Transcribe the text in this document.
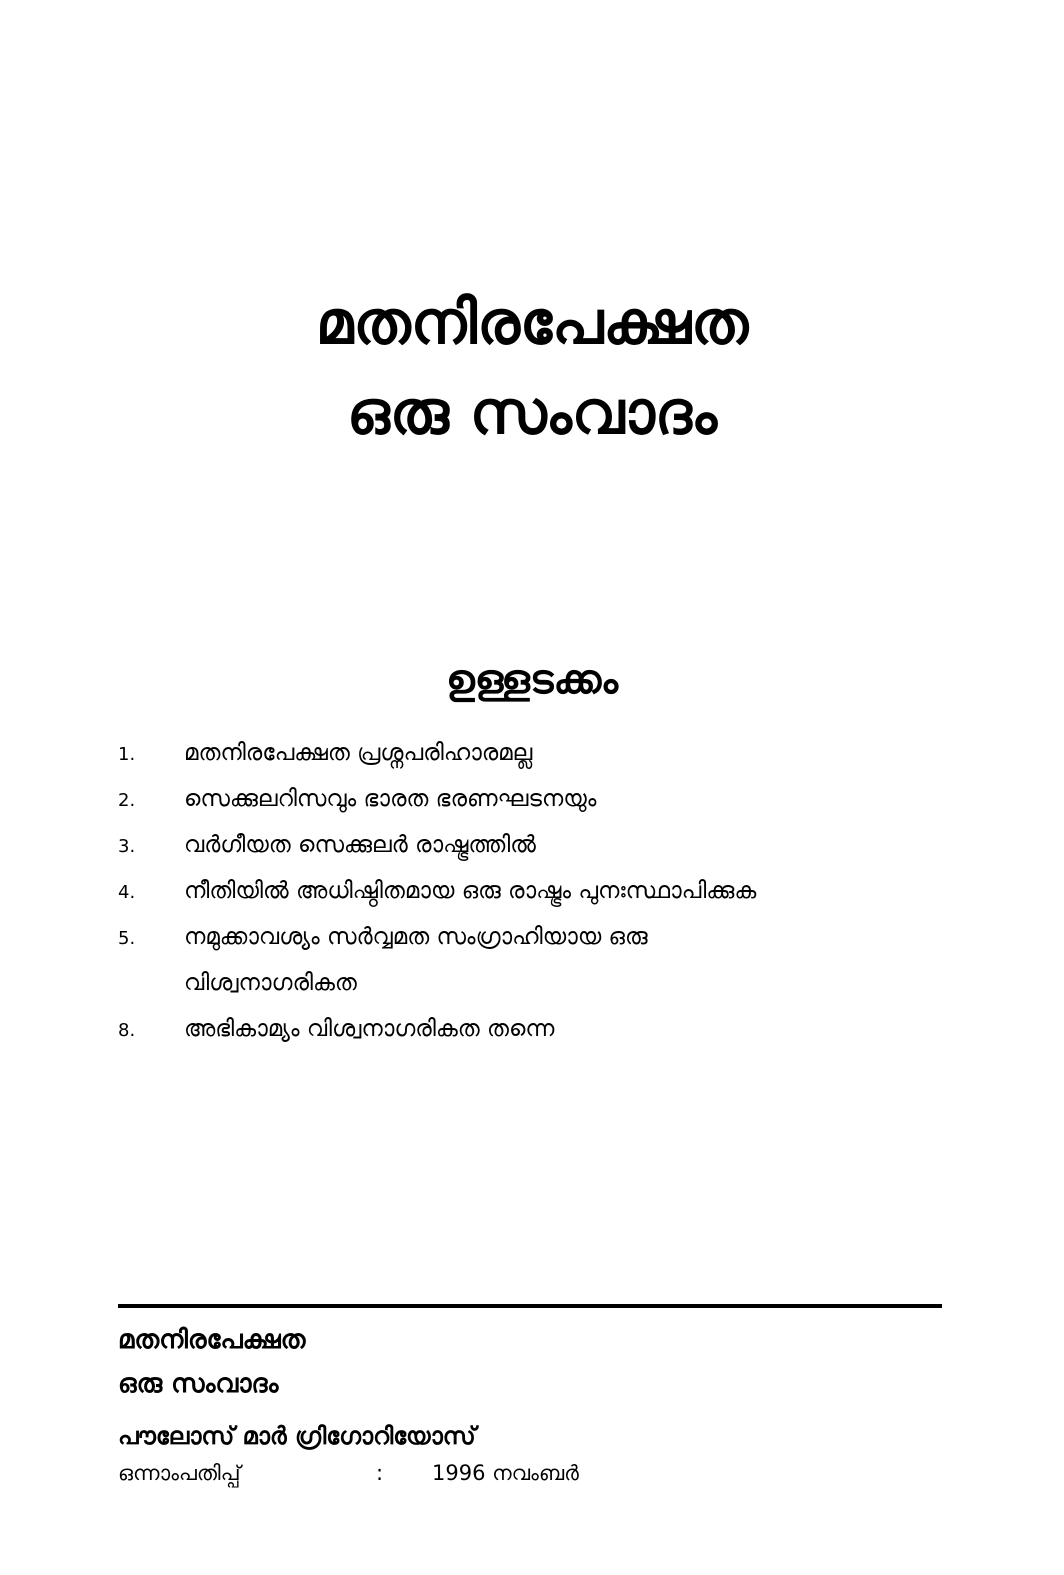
മതനിരപേക്ഷത
ഒരു സംവാദം
ഉള്ളടക്കം
1.	മതനിരപേക്ഷത പ്രശ്നപരിഹാരമല്ല
2.	സെക്കുലറിസവും ഭാരത ഭരണഘടനയും
3.	വർഗീയത സെക്കുലർ രാഷ്ട്രത്തിൽ
4.	നീതിയിൽ അധിഷ്ഠിതമായ ഒരു രാഷ്ട്രം പുനഃസ്ഥാപിക്കുക
5.	നമുക്കാവശ്യം സർവ്വമത സംഗ്രാഹിയായ ഒരു വിശ്വനാഗരികത
8.	അഭികാമ്യം വിശ്വനാഗരികത തന്നെ
മതനിരപേക്ഷത
ഒരു സംവാദം
പൗലോസ് മാർ ഗ്രിഗോറിയോസ്
ഒന്നാംപതിപ്പ്	:	1996 നവംബർ
